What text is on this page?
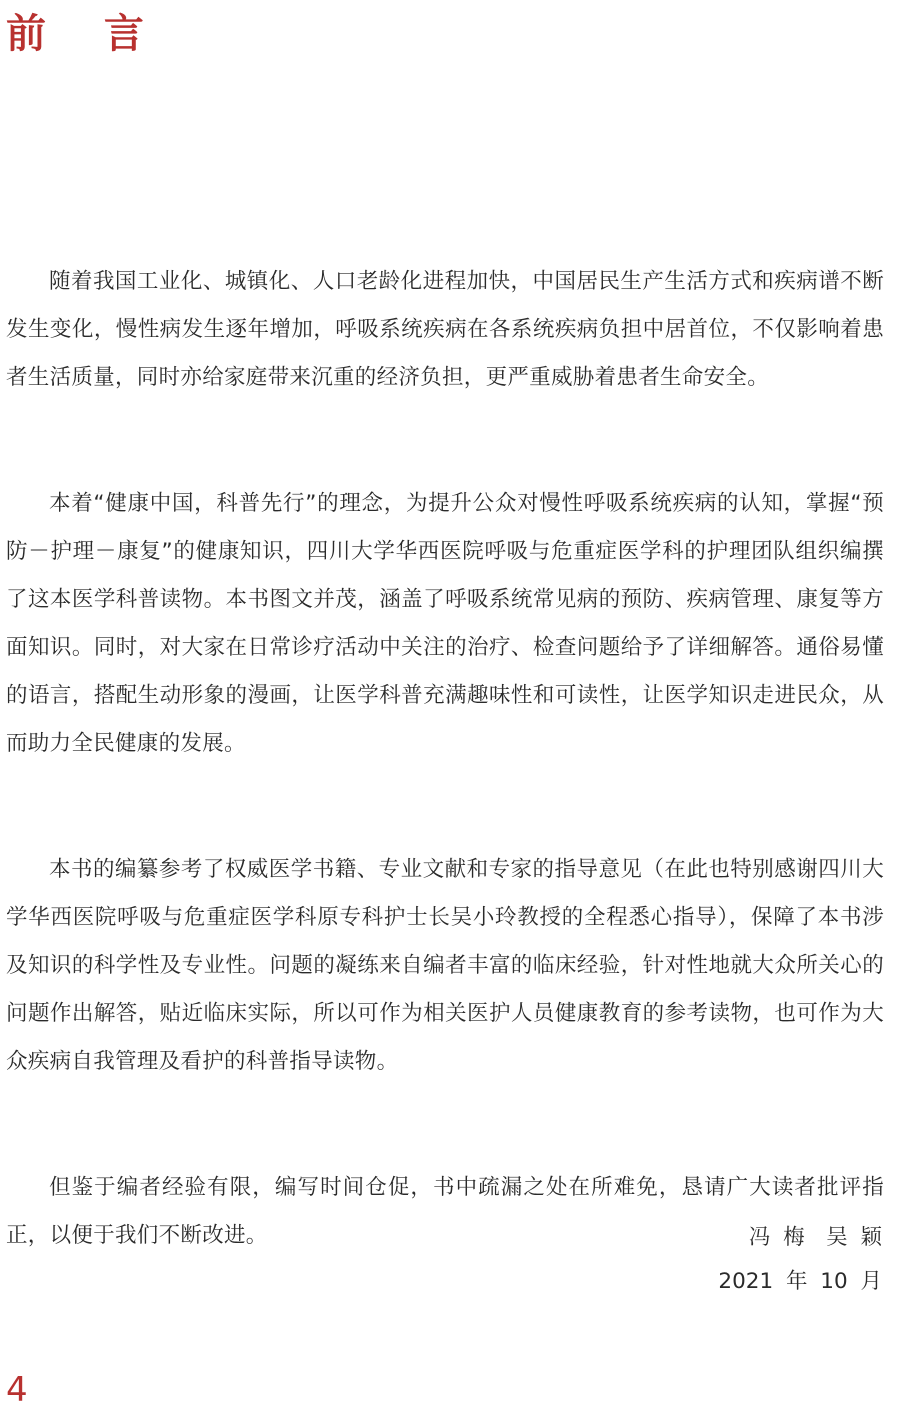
前 言

随着我国工业化、城镇化、人口老龄化进程加快，中国居民生产生活方式和疾病谱不断发生变化，慢性病发生逐年增加，呼吸系统疾病在各系统疾病负担中居首位，不仅影响着患者生活质量，同时亦给家庭带来沉重的经济负担，更严重威胁着患者生命安全。

本着“健康中国，科普先行”的理念，为提升公众对慢性呼吸系统疾病的认知，掌握“预防－护理－康复”的健康知识，四川大学华西医院呼吸与危重症医学科的护理团队组织编撰了这本医学科普读物。本书图文并茂，涵盖了呼吸系统常见病的预防、疾病管理、康复等方面知识。同时，对大家在日常诊疗活动中关注的治疗、检查问题给予了详细解答。通俗易懂的语言，搭配生动形象的漫画，让医学科普充满趣味性和可读性，让医学知识走进民众，从而助力全民健康的发展。

本书的编纂参考了权威医学书籍、专业文献和专家的指导意见（在此也特别感谢四川大学华西医院呼吸与危重症医学科原专科护士长吴小玲教授的全程悉心指导），保障了本书涉及知识的科学性及专业性。问题的凝练来自编者丰富的临床经验，针对性地就大众所关心的问题作出解答，贴近临床实际，所以可作为相关医护人员健康教育的参考读物，也可作为大众疾病自我管理及看护的科普指导读物。

但鉴于编者经验有限，编写时间仓促，书中疏漏之处在所难免，恳请广大读者批评指正，以便于我们不断改进。	冯 梅　吴 颖
2021 年 10 月
4
